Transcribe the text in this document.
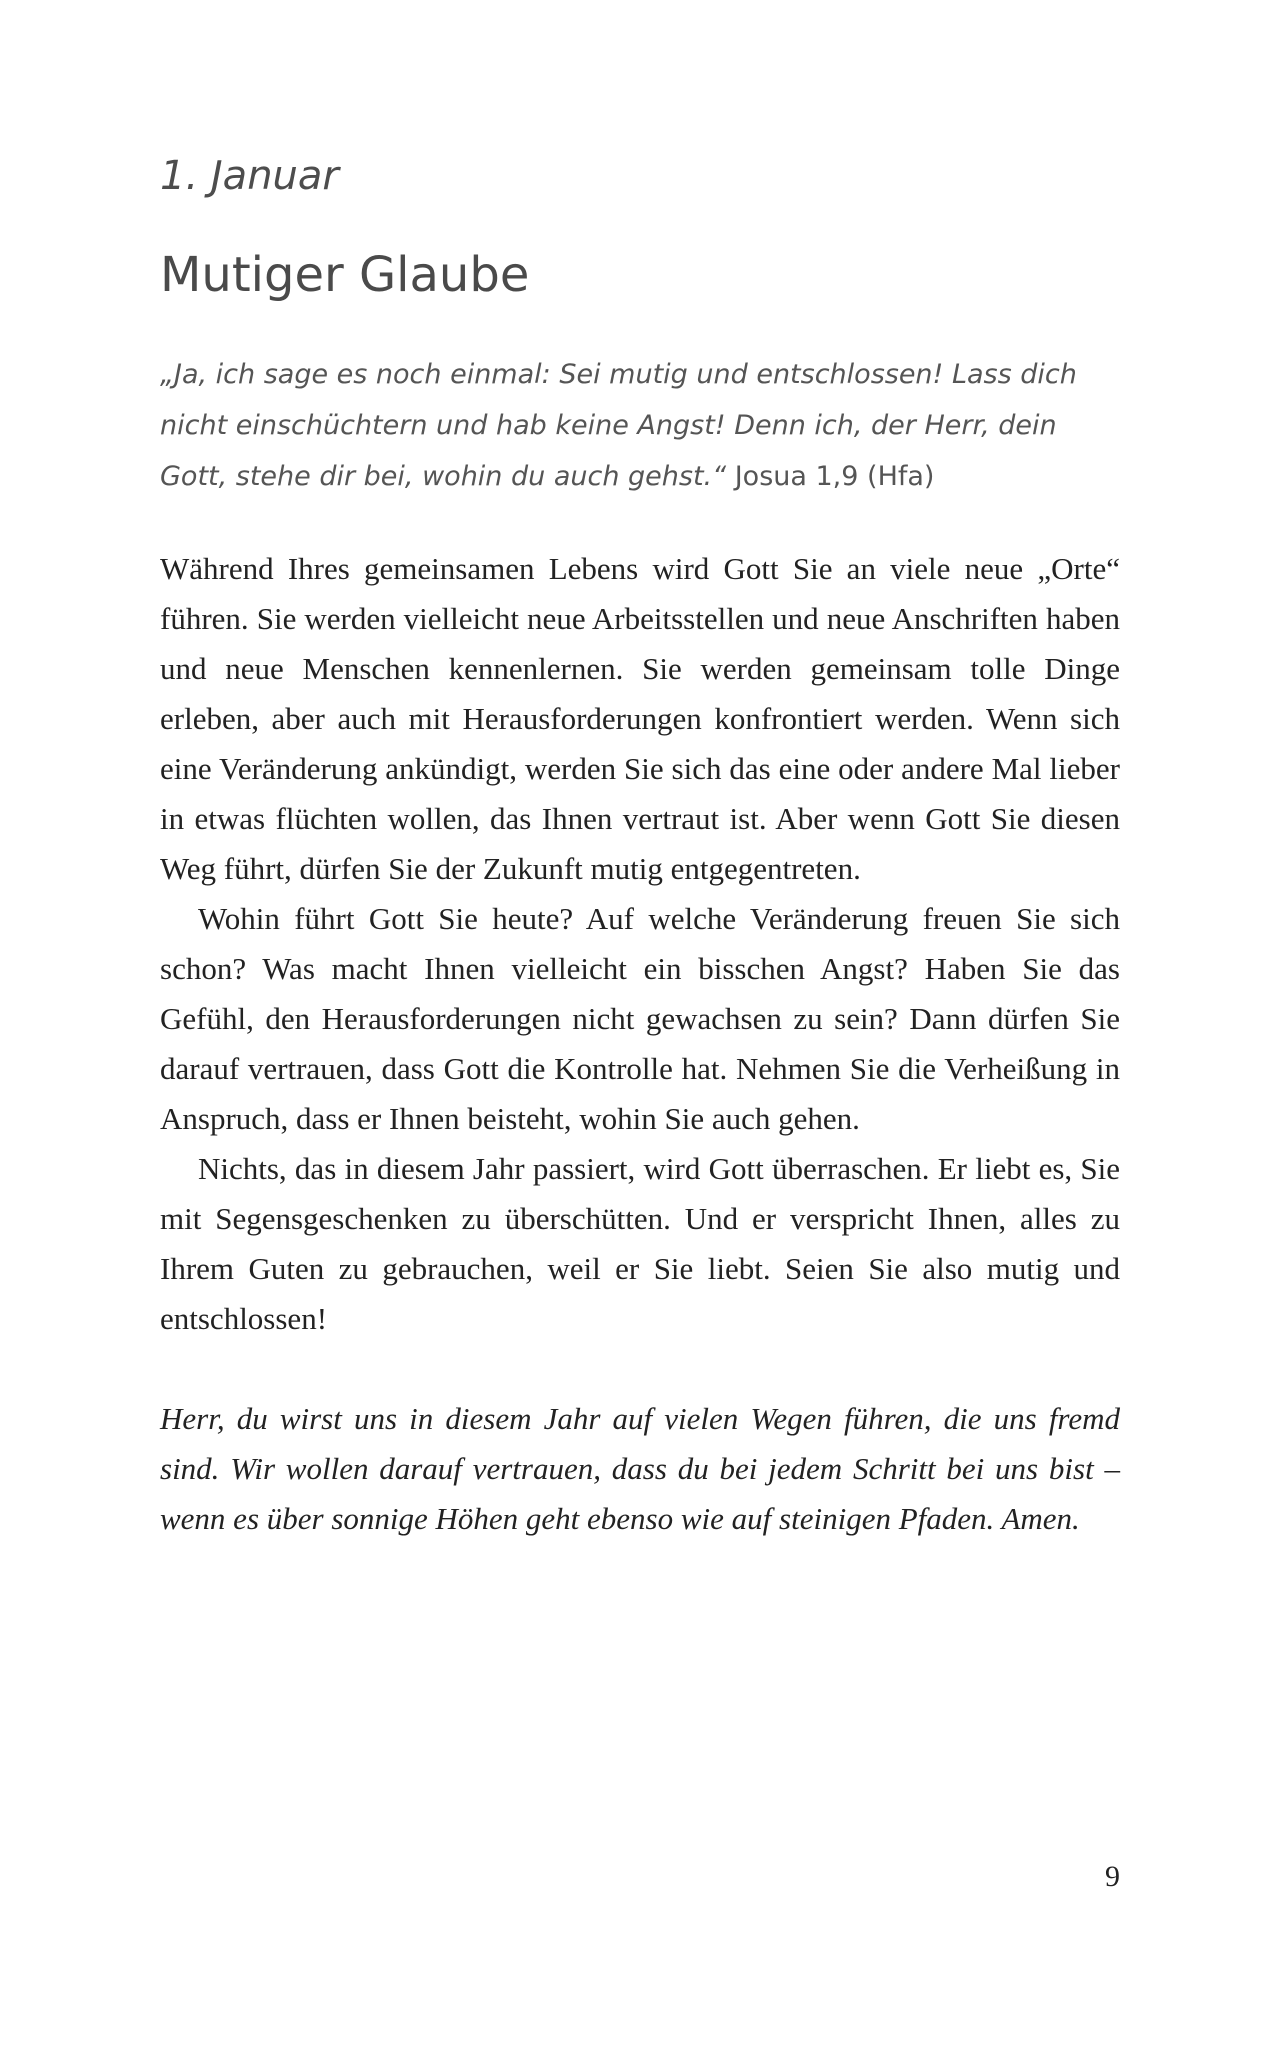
1. Januar
Mutiger Glaube
„Ja, ich sage es noch einmal: Sei mutig und entschlossen! Lass dich nicht einschüchtern und hab keine Angst! Denn ich, der Herr, dein Gott, stehe dir bei, wohin du auch gehst.“ Josua 1,9 (Hfa)

Während Ihres gemeinsamen Lebens wird Gott Sie an viele neue „Orte“ führen. Sie werden vielleicht neue Arbeitsstellen und neue Anschriften haben und neue Menschen kennenlernen. Sie werden gemeinsam tolle Dinge erleben, aber auch mit Herausforderungen konfrontiert werden. Wenn sich eine Veränderung ankündigt, werden Sie sich das eine oder andere Mal lieber in etwas flüchten wollen, das Ihnen vertraut ist. Aber wenn Gott Sie diesen Weg führt, dürfen Sie der Zukunft mutig entgegentreten.

Wohin führt Gott Sie heute? Auf welche Veränderung freuen Sie sich schon? Was macht Ihnen vielleicht ein bisschen Angst? Haben Sie das Gefühl, den Herausforderungen nicht gewachsen zu sein? Dann dürfen Sie darauf vertrauen, dass Gott die Kontrolle hat. Nehmen Sie die Verheißung in Anspruch, dass er Ihnen beisteht, wohin Sie auch gehen.

Nichts, das in diesem Jahr passiert, wird Gott überraschen. Er liebt es, Sie mit Segensgeschenken zu überschütten. Und er verspricht Ihnen, alles zu Ihrem Guten zu gebrauchen, weil er Sie liebt. Seien Sie also mutig und entschlossen!

Herr, du wirst uns in diesem Jahr auf vielen Wegen führen, die uns fremd sind. Wir wollen darauf vertrauen, dass du bei jedem Schritt bei uns bist – wenn es über sonnige Höhen geht ebenso wie auf steinigen Pfaden. Amen.
9
